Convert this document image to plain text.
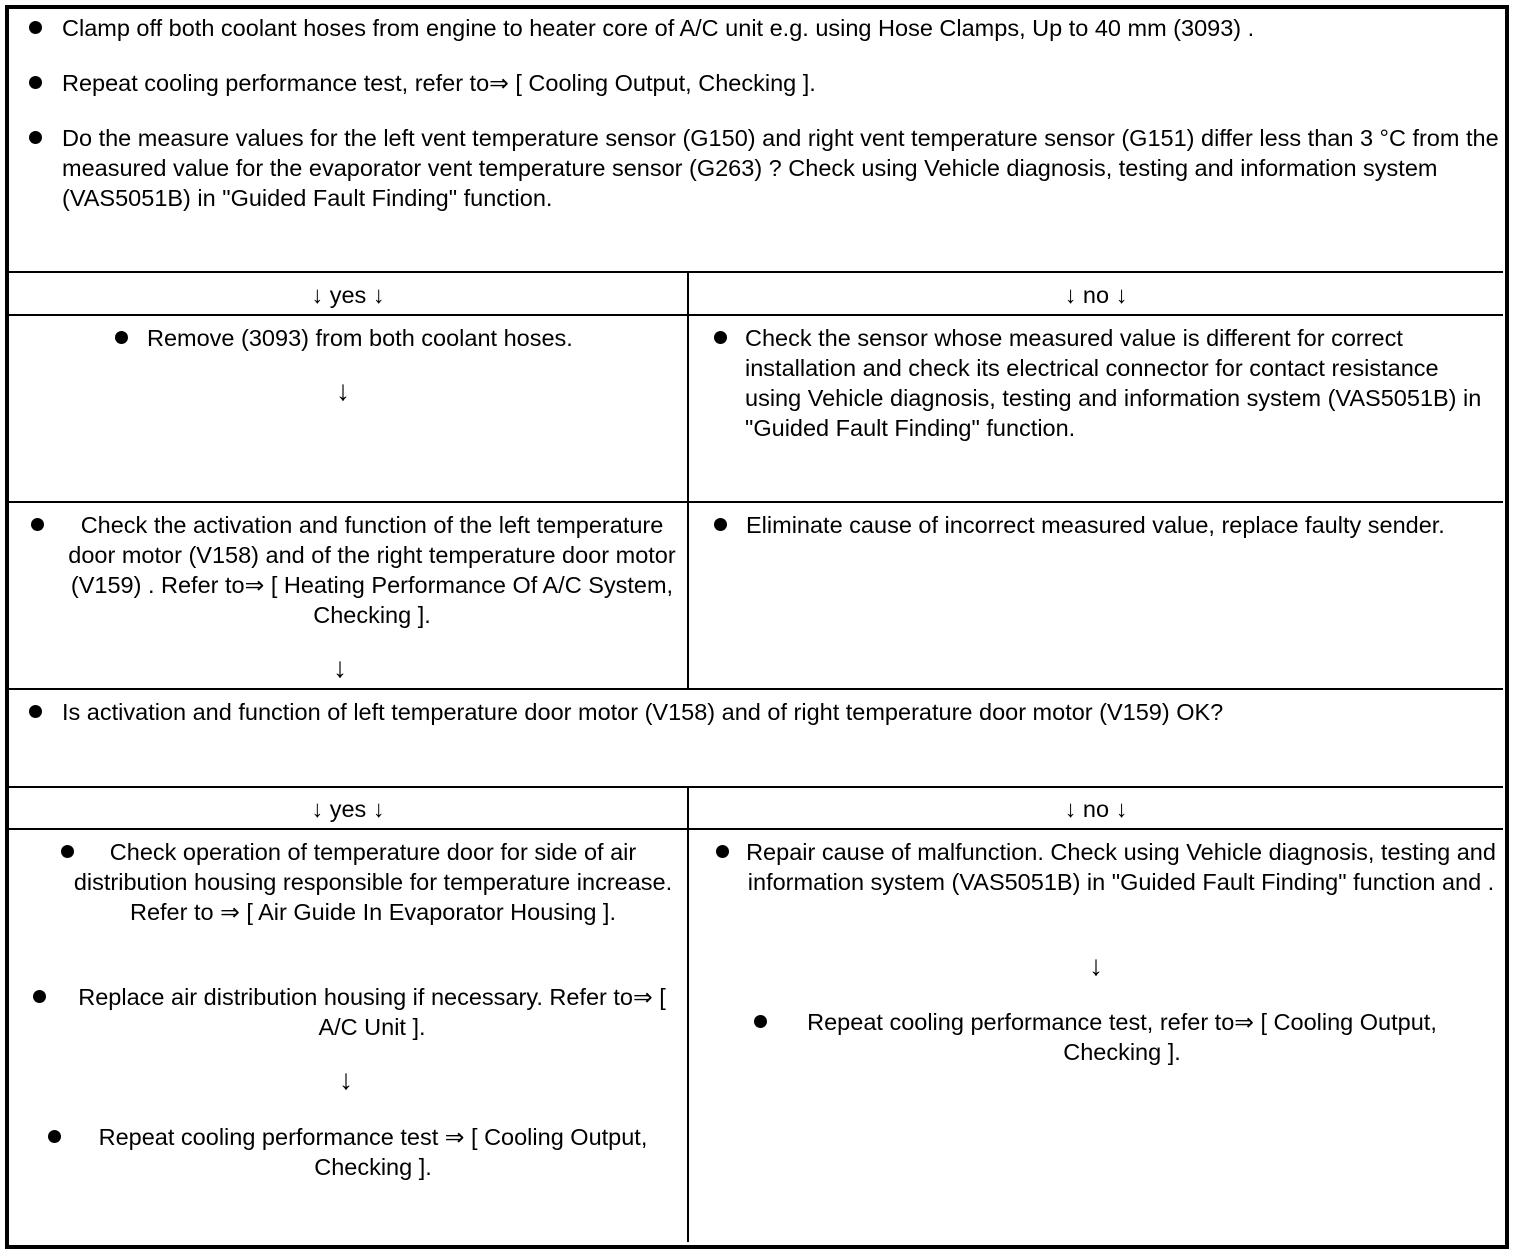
Clamp off both coolant hoses from engine to heater core of A/C unit e.g. using Hose Clamps, Up to 40 mm (3093) .

Repeat cooling performance test, refer to⇒ [ Cooling Output, Checking ].

Do the measure values for the left vent temperature sensor (G150) and right vent temperature sensor (G151) differ less than 3 °C from the measured value for the evaporator vent temperature sensor (G263) ? Check using Vehicle diagnosis, testing and information system (VAS5051B) in "Guided Fault Finding" function.

↓ yes ↓	↓ no ↓

Remove (3093) from both coolant hoses.

↓

Check the sensor whose measured value is different for correct installation and check its electrical connector for contact resistance using Vehicle diagnosis, testing and information system (VAS5051B) in "Guided Fault Finding" function.

Check the activation and function of the left temperature door motor (V158) and of the right temperature door motor (V159) . Refer to⇒ [ Heating Performance Of A/C System, Checking ].

↓

Eliminate cause of incorrect measured value, replace faulty sender.

Is activation and function of left temperature door motor (V158) and of right temperature door motor (V159) OK?

↓ yes ↓	↓ no ↓

Check operation of temperature door for side of air distribution housing responsible for temperature increase. Refer to ⇒ [ Air Guide In Evaporator Housing ].

Replace air distribution housing if necessary. Refer to⇒ [ A/C Unit ].

↓

Repeat cooling performance test ⇒ [ Cooling Output, Checking ].

Repair cause of malfunction. Check using Vehicle diagnosis, testing and information system (VAS5051B) in "Guided Fault Finding" function and .

↓

Repeat cooling performance test, refer to⇒ [ Cooling Output, Checking ].
